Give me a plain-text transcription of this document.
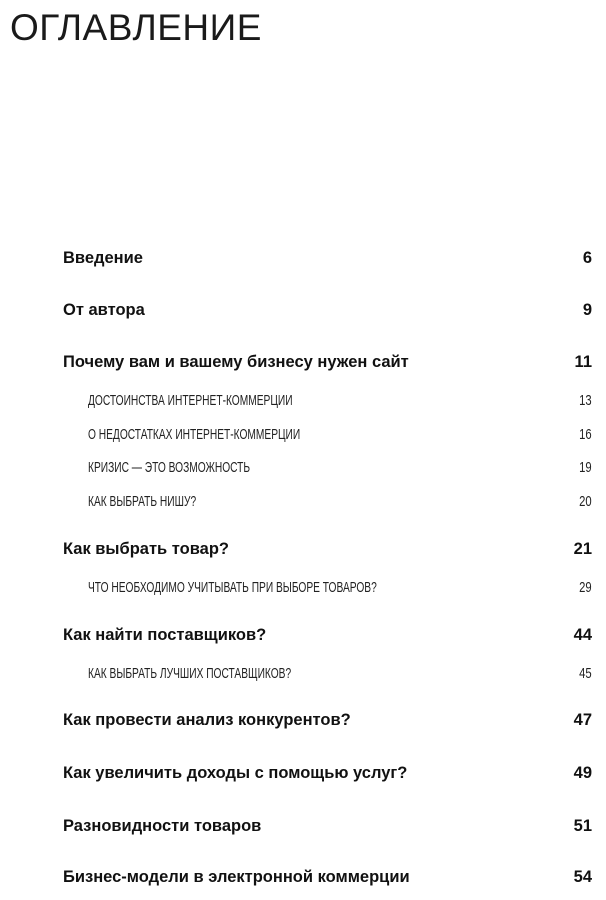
ОГЛАВЛЕНИЕ
Введение	6
От автора	9
Почему вам и вашему бизнесу нужен сайт	11
ДОСТОИНСТВА ИНТЕРНЕТ-КОММЕРЦИИ	13
О НЕДОСТАТКАХ ИНТЕРНЕТ-КОММЕРЦИИ	16
КРИЗИС — ЭТО ВОЗМОЖНОСТЬ	19
КАК ВЫБРАТЬ НИШУ?	20
Как выбрать товар?	21
ЧТО НЕОБХОДИМО УЧИТЫВАТЬ ПРИ ВЫБОРЕ ТОВАРОВ?	29
Как найти поставщиков?	44
КАК ВЫБРАТЬ ЛУЧШИХ ПОСТАВЩИКОВ?	45
Как провести анализ конкурентов?	47
Как увеличить доходы с помощью услуг?	49
Разновидности товаров	51
Бизнес-модели в электронной коммерции	54
